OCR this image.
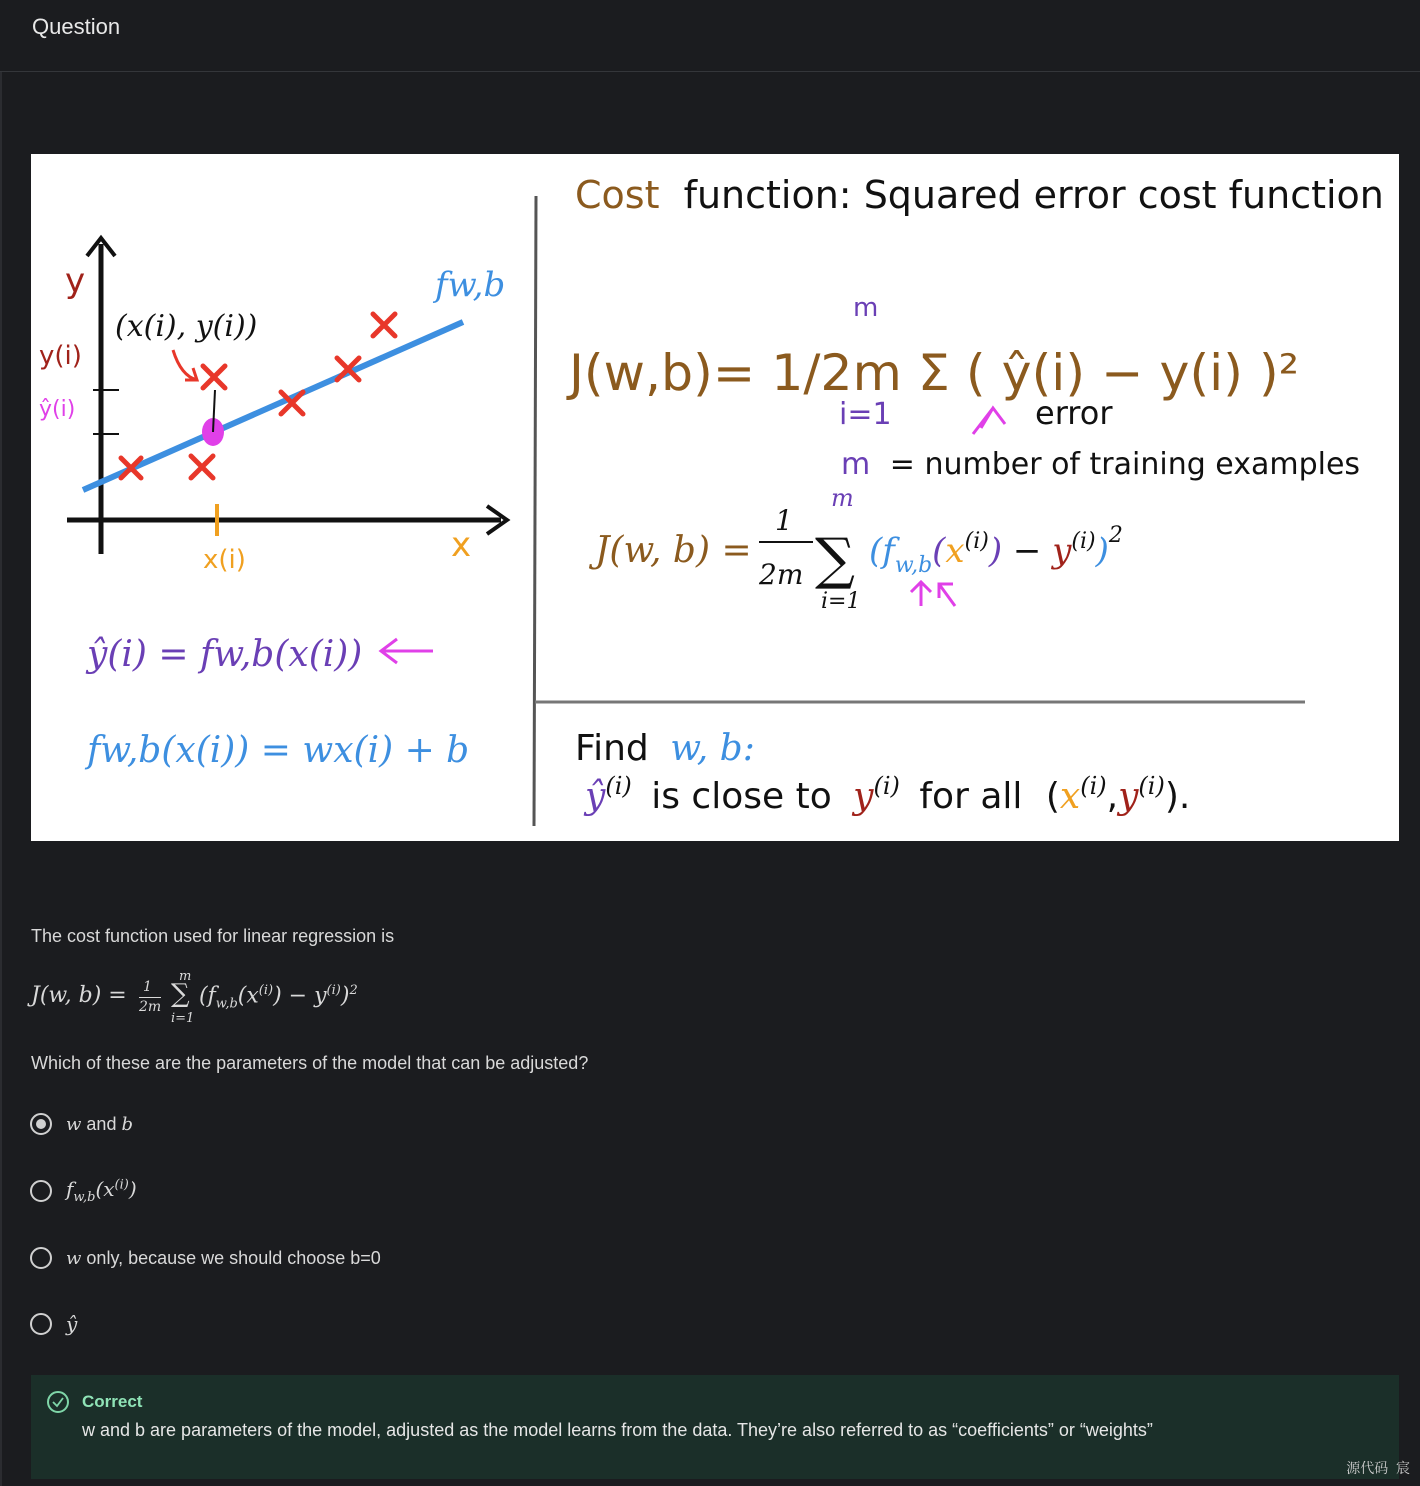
Question
y
x
fw,b
y(i)
ŷ(i)
(x(i), y(i))
x(i)
ŷ(i) = fw,b(x(i))
fw,b(x(i)) = wx(i) + b
Cost function: Squared error cost function
J(w,b)= 1/2m Σ ( ŷ(i) − y(i) )²
m
i=1	error
m = number of training examples
J(w, b) =
1
2m ∑
m
i=1
$(f_{w,b}(x^{(i)}) - y^{(i)})^2$
Find w, b:
$ŷ^{(i)}$ is close to $y^{(i)}$ for all $(x^{(i)},y^{(i)})$.
The cost function used for linear regression is
J(w, b) = 1
2m
m
∑
i=1
$(f_{w,b}(x^{(i)}) - y^{(i)})^2$
Which of these are the parameters of the model that can be adjusted?
w and b
$f_{w,b}(x^{(i)})$
w only, because we should choose b=0
ŷ
Correct
w and b are parameters of the model, adjusted as the model learns from the data. They’re also referred to as “coefficients” or “weights”
源代码  宸
